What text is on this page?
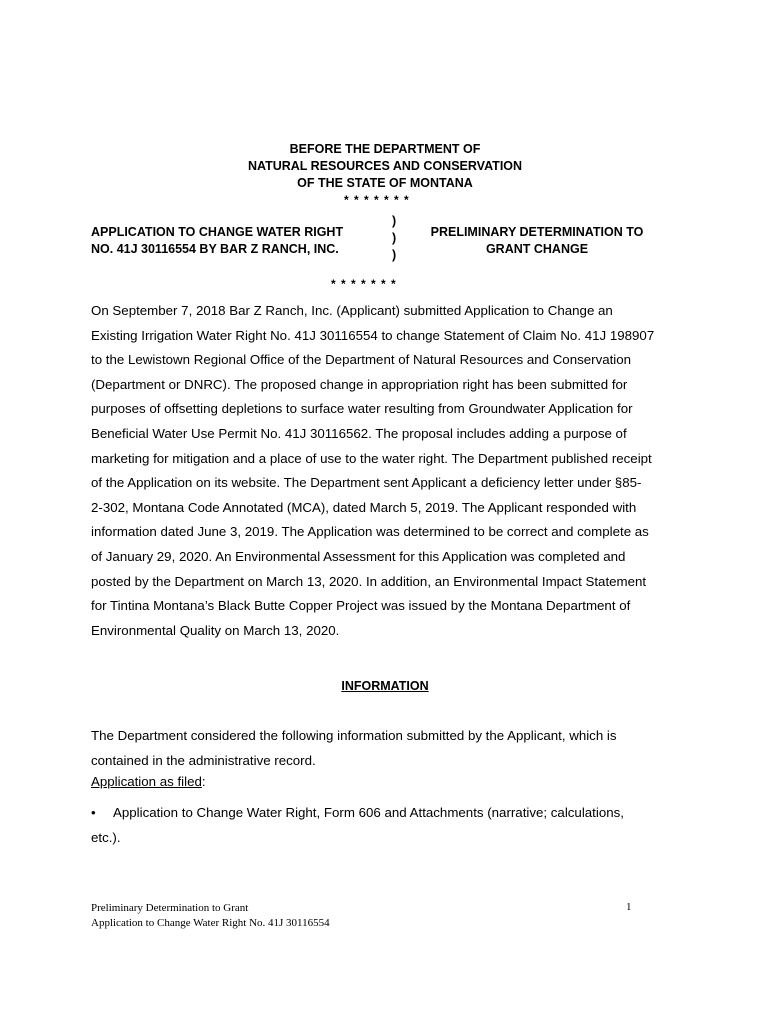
BEFORE THE DEPARTMENT OF
NATURAL RESOURCES AND CONSERVATION
OF THE STATE OF MONTANA
* * * * * * *
APPLICATION TO CHANGE WATER RIGHT
NO. 41J 30116554 BY BAR Z RANCH, INC.
)
)
)
PRELIMINARY DETERMINATION TO
GRANT CHANGE
* * * * * * *
On September 7, 2018 Bar Z Ranch, Inc. (Applicant) submitted Application to Change an
Existing Irrigation Water Right No. 41J 30116554 to change Statement of Claim No. 41J 198907
to the Lewistown Regional Office of the Department of Natural Resources and Conservation
(Department or DNRC). The proposed change in appropriation right has been submitted for
purposes of offsetting depletions to surface water resulting from Groundwater Application for
Beneficial Water Use Permit No. 41J 30116562. The proposal includes adding a purpose of
marketing for mitigation and a place of use to the water right. The Department published receipt
of the Application on its website. The Department sent Applicant a deficiency letter under §85-
2-302, Montana Code Annotated (MCA), dated March 5, 2019. The Applicant responded with
information dated June 3, 2019. The Application was determined to be correct and complete as
of January 29, 2020. An Environmental Assessment for this Application was completed and
posted by the Department on March 13, 2020. In addition, an Environmental Impact Statement
for Tintina Montana’s Black Butte Copper Project was issued by the Montana Department of
Environmental Quality on March 13, 2020.
INFORMATION
The Department considered the following information submitted by the Applicant, which is
contained in the administrative record.
Application as filed:
• Application to Change Water Right, Form 606 and Attachments (narrative; calculations,
etc.).
Preliminary Determination to Grant
Application to Change Water Right No. 41J 30116554
1
